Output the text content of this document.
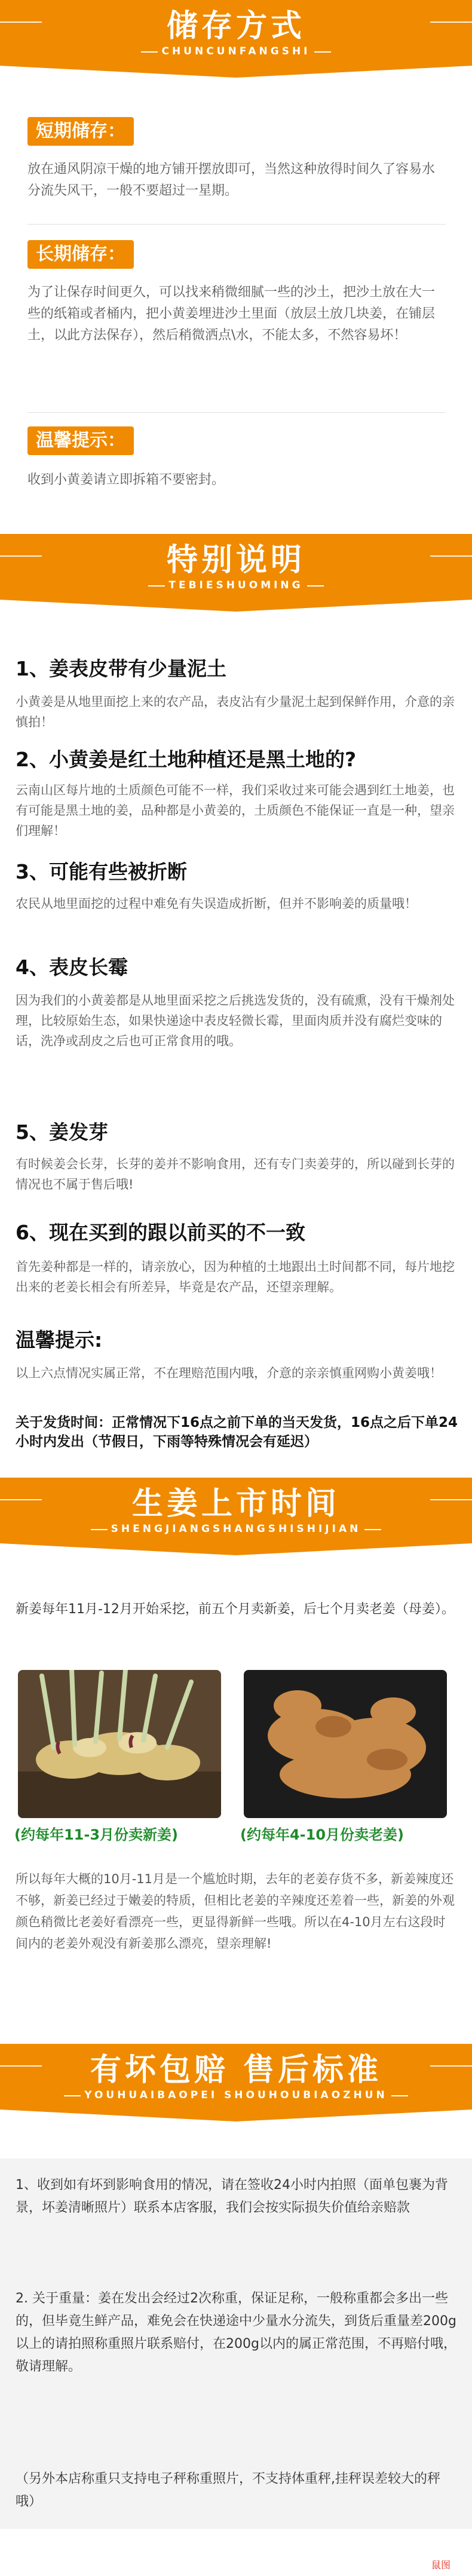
储存方式
CHUNCUNFANGSHI
短期储存：
放在通风阴凉干燥的地方铺开摆放即可，当然这种放得时间久了容易水分流失风干，一般不要超过一星期。
长期储存：
为了让保存时间更久，可以找来稍微细腻一些的沙土，把沙土放在大一些的纸箱或者桶内，把小黄姜埋进沙土里面（放层土放几块姜，在铺层土，以此方法保存），然后稍微洒点\水，不能太多，不然容易坏！
温馨提示：
收到小黄姜请立即拆箱不要密封。
特别说明
TEBIESHUOMING
1、姜表皮带有少量泥土
小黄姜是从地里面挖上来的农产品，表皮沾有少量泥土起到保鲜作用，介意的亲慎拍！
2、小黄姜是红土地种植还是黑土地的?
云南山区每片地的土质颜色可能不一样，我们采收过来可能会遇到红土地姜，也有可能是黑土地的姜，品种都是小黄姜的，土质颜色不能保证一直是一种，望亲们理解！
3、可能有些被折断
农民从地里面挖的过程中难免有失误造成折断，但并不影响姜的质量哦！
4、表皮长霉
因为我们的小黄姜都是从地里面采挖之后挑选发货的，没有硫熏，没有干燥剂处理，比较原始生态，如果快递途中表皮轻微长霉，里面肉质并没有腐烂变味的话，洗净或刮皮之后也可正常食用的哦。
5、姜发芽
有时候姜会长芽，长芽的姜并不影响食用，还有专门卖姜芽的，所以碰到长芽的情况也不属于售后哦!
6、现在买到的跟以前买的不一致
首先姜种都是一样的，请亲放心，因为种植的土地跟出土时间都不同，每片地挖出来的老姜长相会有所差异，毕竟是农产品，还望亲理解。
温馨提示:
以上六点情况实属正常，不在理赔范围内哦，介意的亲亲慎重网购小黄姜哦！
关于发货时间：正常情况下16点之前下单的当天发货，16点之后下单24小时内发出（节假日，下雨等特殊情况会有延迟）
生姜上市时间
SHENGJIANGSHANGSHISHIJIAN
新姜每年11月-12月开始采挖，前五个月卖新姜，后七个月卖老姜（母姜）。
(约每年11-3月份卖新姜)	(约每年4-10月份卖老姜)
所以每年大概的10月-11月是一个尴尬时期，去年的老姜存货不多，新姜辣度还不够，新姜已经过于嫩姜的特质，但相比老姜的辛辣度还差着一些，新姜的外观颜色稍微比老姜好看漂亮一些，更显得新鲜一些哦。所以在4-10月左右这段时间内的老姜外观没有新姜那么漂亮，望亲理解!
有坏包赔 售后标准
YOUHUAIBAOPEI SHOUHOUBIAOZHUN
1、收到如有坏到影响食用的情况，请在签收24小时内拍照（面单包裹为背景，坏姜清晰照片）联系本店客服，我们会按实际损失价值给亲赔款
2. 关于重量：姜在发出会经过2次称重，保证足称，一般称重都会多出一些的，但毕竟生鲜产品，难免会在快递途中少量水分流失，到货后重量差200g以上的请拍照称重照片联系赔付，在200g以内的属正常范围，不再赔付哦，敬请理解。
（另外本店称重只支持电子秤称重照片，不支持体重秤,挂秤误差较大的秤哦）
鼠图
